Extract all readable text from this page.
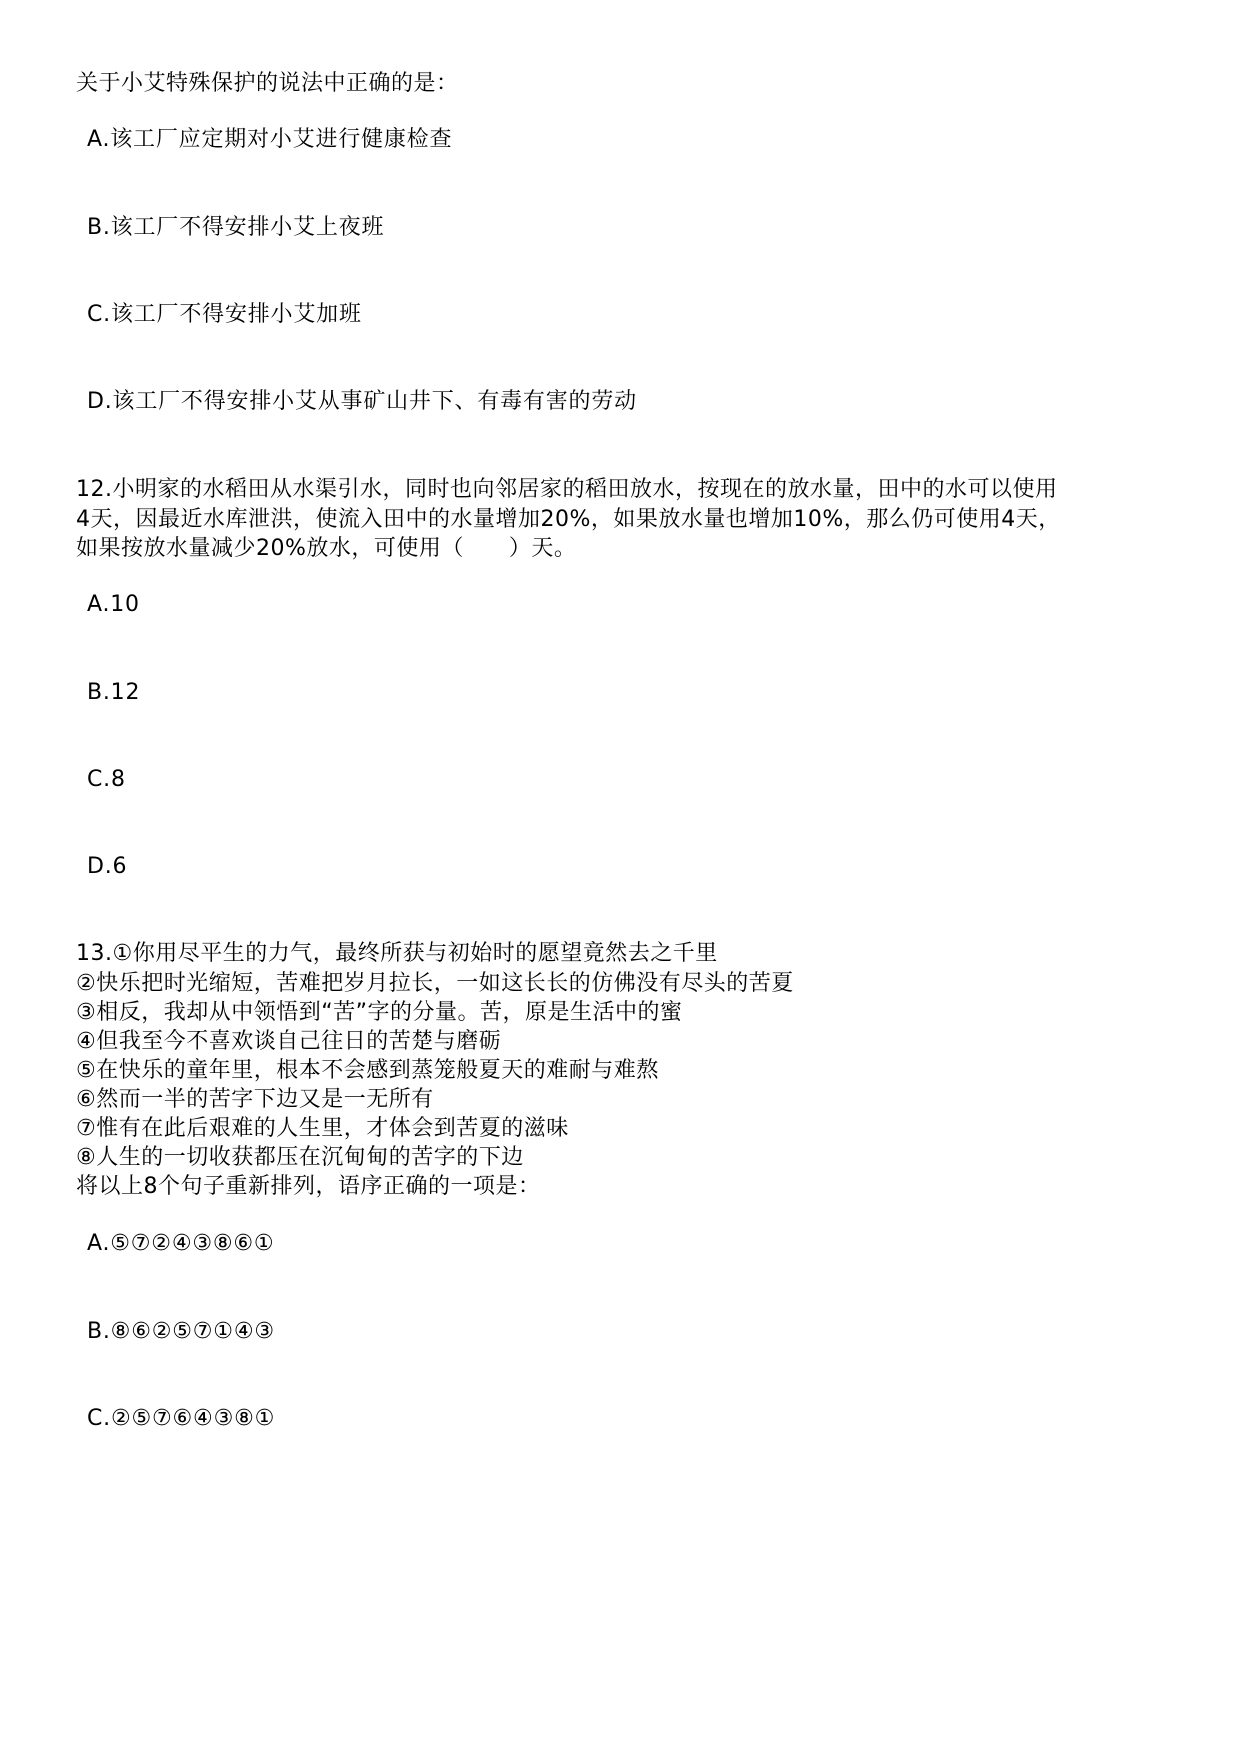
关于小艾特殊保护的说法中正确的是：
A.该工厂应定期对小艾进行健康检查
B.该工厂不得安排小艾上夜班
C.该工厂不得安排小艾加班
D.该工厂不得安排小艾从事矿山井下、有毒有害的劳动
12.小明家的水稻田从水渠引水，同时也向邻居家的稻田放水，按现在的放水量，田中的水可以使用
4天，因最近水库泄洪，使流入田中的水量增加20%，如果放水量也增加10%，那么仍可使用4天，
如果按放水量减少20%放水，可使用（　　）天。
A.10
B.12
C.8
D.6
13.①你用尽平生的力气，最终所获与初始时的愿望竟然去之千里
②快乐把时光缩短，苦难把岁月拉长，一如这长长的仿佛没有尽头的苦夏
③相反，我却从中领悟到“苦”字的分量。苦，原是生活中的蜜
④但我至今不喜欢谈自己往日的苦楚与磨砺
⑤在快乐的童年里，根本不会感到蒸笼般夏天的难耐与难熬
⑥然而一半的苦字下边又是一无所有
⑦惟有在此后艰难的人生里，才体会到苦夏的滋味
⑧人生的一切收获都压在沉甸甸的苦字的下边
将以上8个句子重新排列，语序正确的一项是：
A.⑤⑦②④③⑧⑥①
B.⑧⑥②⑤⑦①④③
C.②⑤⑦⑥④③⑧①
